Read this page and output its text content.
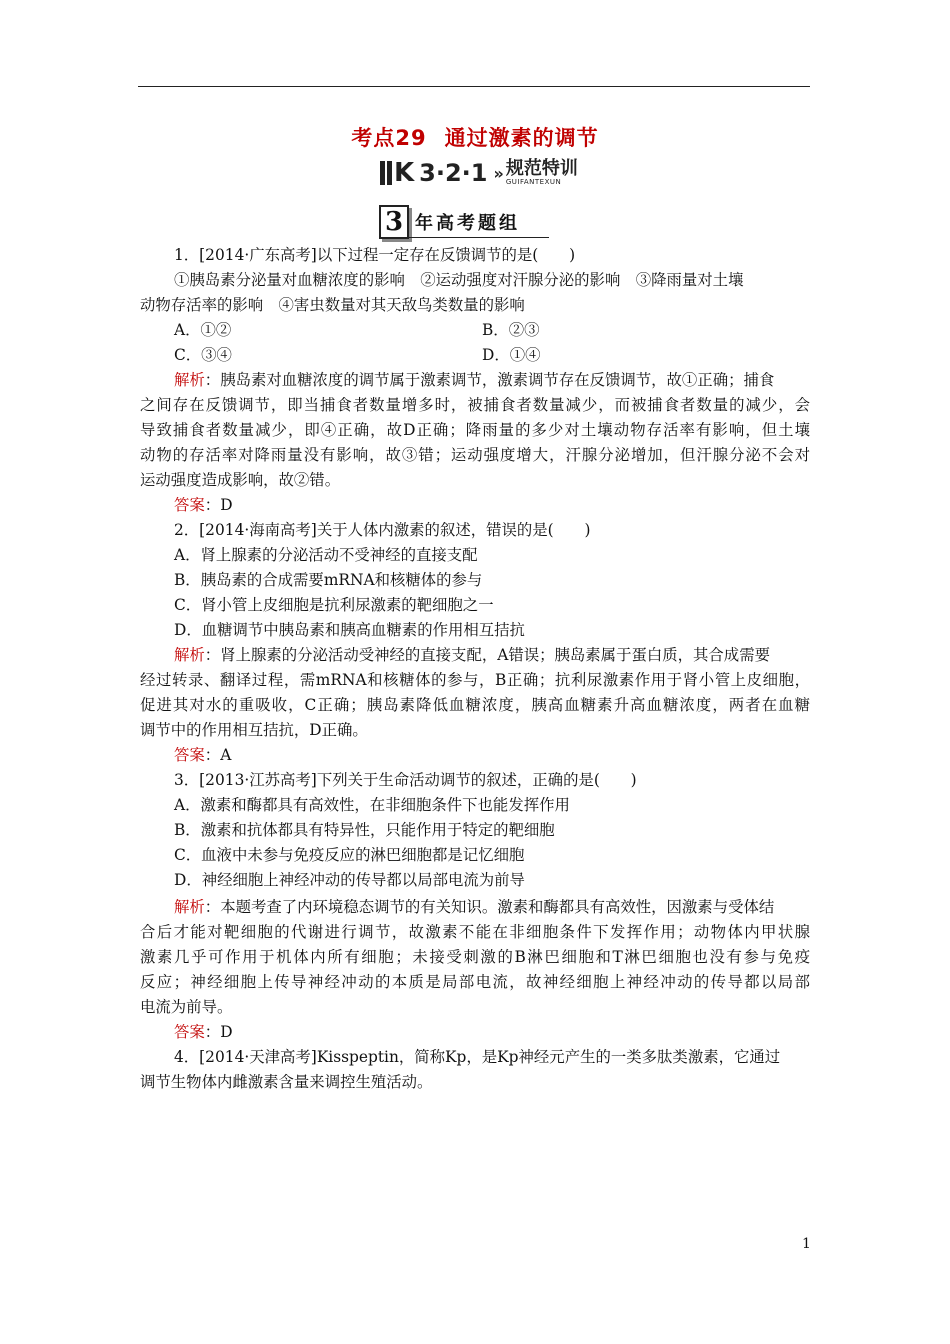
考点29 通过激素的调节
K 3·2·1 » 规范特训
GUIFANTEXUN
3 年高考题组
1．[2014·广东高考]以下过程一定存在反馈调节的是(　　)
①胰岛素分泌量对血糖浓度的影响　②运动强度对汗腺分泌的影响　③降雨量对土壤
动物存活率的影响　④害虫数量对其天敌鸟类数量的影响
A．①②	B．②③
C．③④	D．①④
解析：胰岛素对血糖浓度的调节属于激素调节，激素调节存在反馈调节，故①正确；捕食
之间存在反馈调节，即当捕食者数量增多时，被捕食者数量减少，而被捕食者数量的减少，会
导致捕食者数量减少，即④正确，故D正确；降雨量的多少对土壤动物存活率有影响，但土壤
动物的存活率对降雨量没有影响，故③错；运动强度增大，汗腺分泌增加，但汗腺分泌不会对
运动强度造成影响，故②错。
答案：D
2．[2014·海南高考]关于人体内激素的叙述，错误的是(　　)
A．肾上腺素的分泌活动不受神经的直接支配
B．胰岛素的合成需要mRNA和核糖体的参与
C．肾小管上皮细胞是抗利尿激素的靶细胞之一
D．血糖调节中胰岛素和胰高血糖素的作用相互拮抗
解析：肾上腺素的分泌活动受神经的直接支配，A错误；胰岛素属于蛋白质，其合成需要
经过转录、翻译过程，需mRNA和核糖体的参与，B正确；抗利尿激素作用于肾小管上皮细胞，
促进其对水的重吸收，C正确；胰岛素降低血糖浓度，胰高血糖素升高血糖浓度，两者在血糖
调节中的作用相互拮抗，D正确。
答案：A
3．[2013·江苏高考]下列关于生命活动调节的叙述，正确的是(　　)
A．激素和酶都具有高效性，在非细胞条件下也能发挥作用
B．激素和抗体都具有特异性，只能作用于特定的靶细胞
C．血液中未参与免疫反应的淋巴细胞都是记忆细胞
D．神经细胞上神经冲动的传导都以局部电流为前导
解析：本题考查了内环境稳态调节的有关知识。激素和酶都具有高效性，因激素与受体结
合后才能对靶细胞的代谢进行调节，故激素不能在非细胞条件下发挥作用；动物体内甲状腺
激素几乎可作用于机体内所有细胞；未接受刺激的B淋巴细胞和T淋巴细胞也没有参与免疫
反应；神经细胞上传导神经冲动的本质是局部电流，故神经细胞上神经冲动的传导都以局部
电流为前导。
答案：D
4．[2014·天津高考]Kisspeptin，简称Kp，是Kp神经元产生的一类多肽类激素，它通过
调节生物体内雌激素含量来调控生殖活动。
1
